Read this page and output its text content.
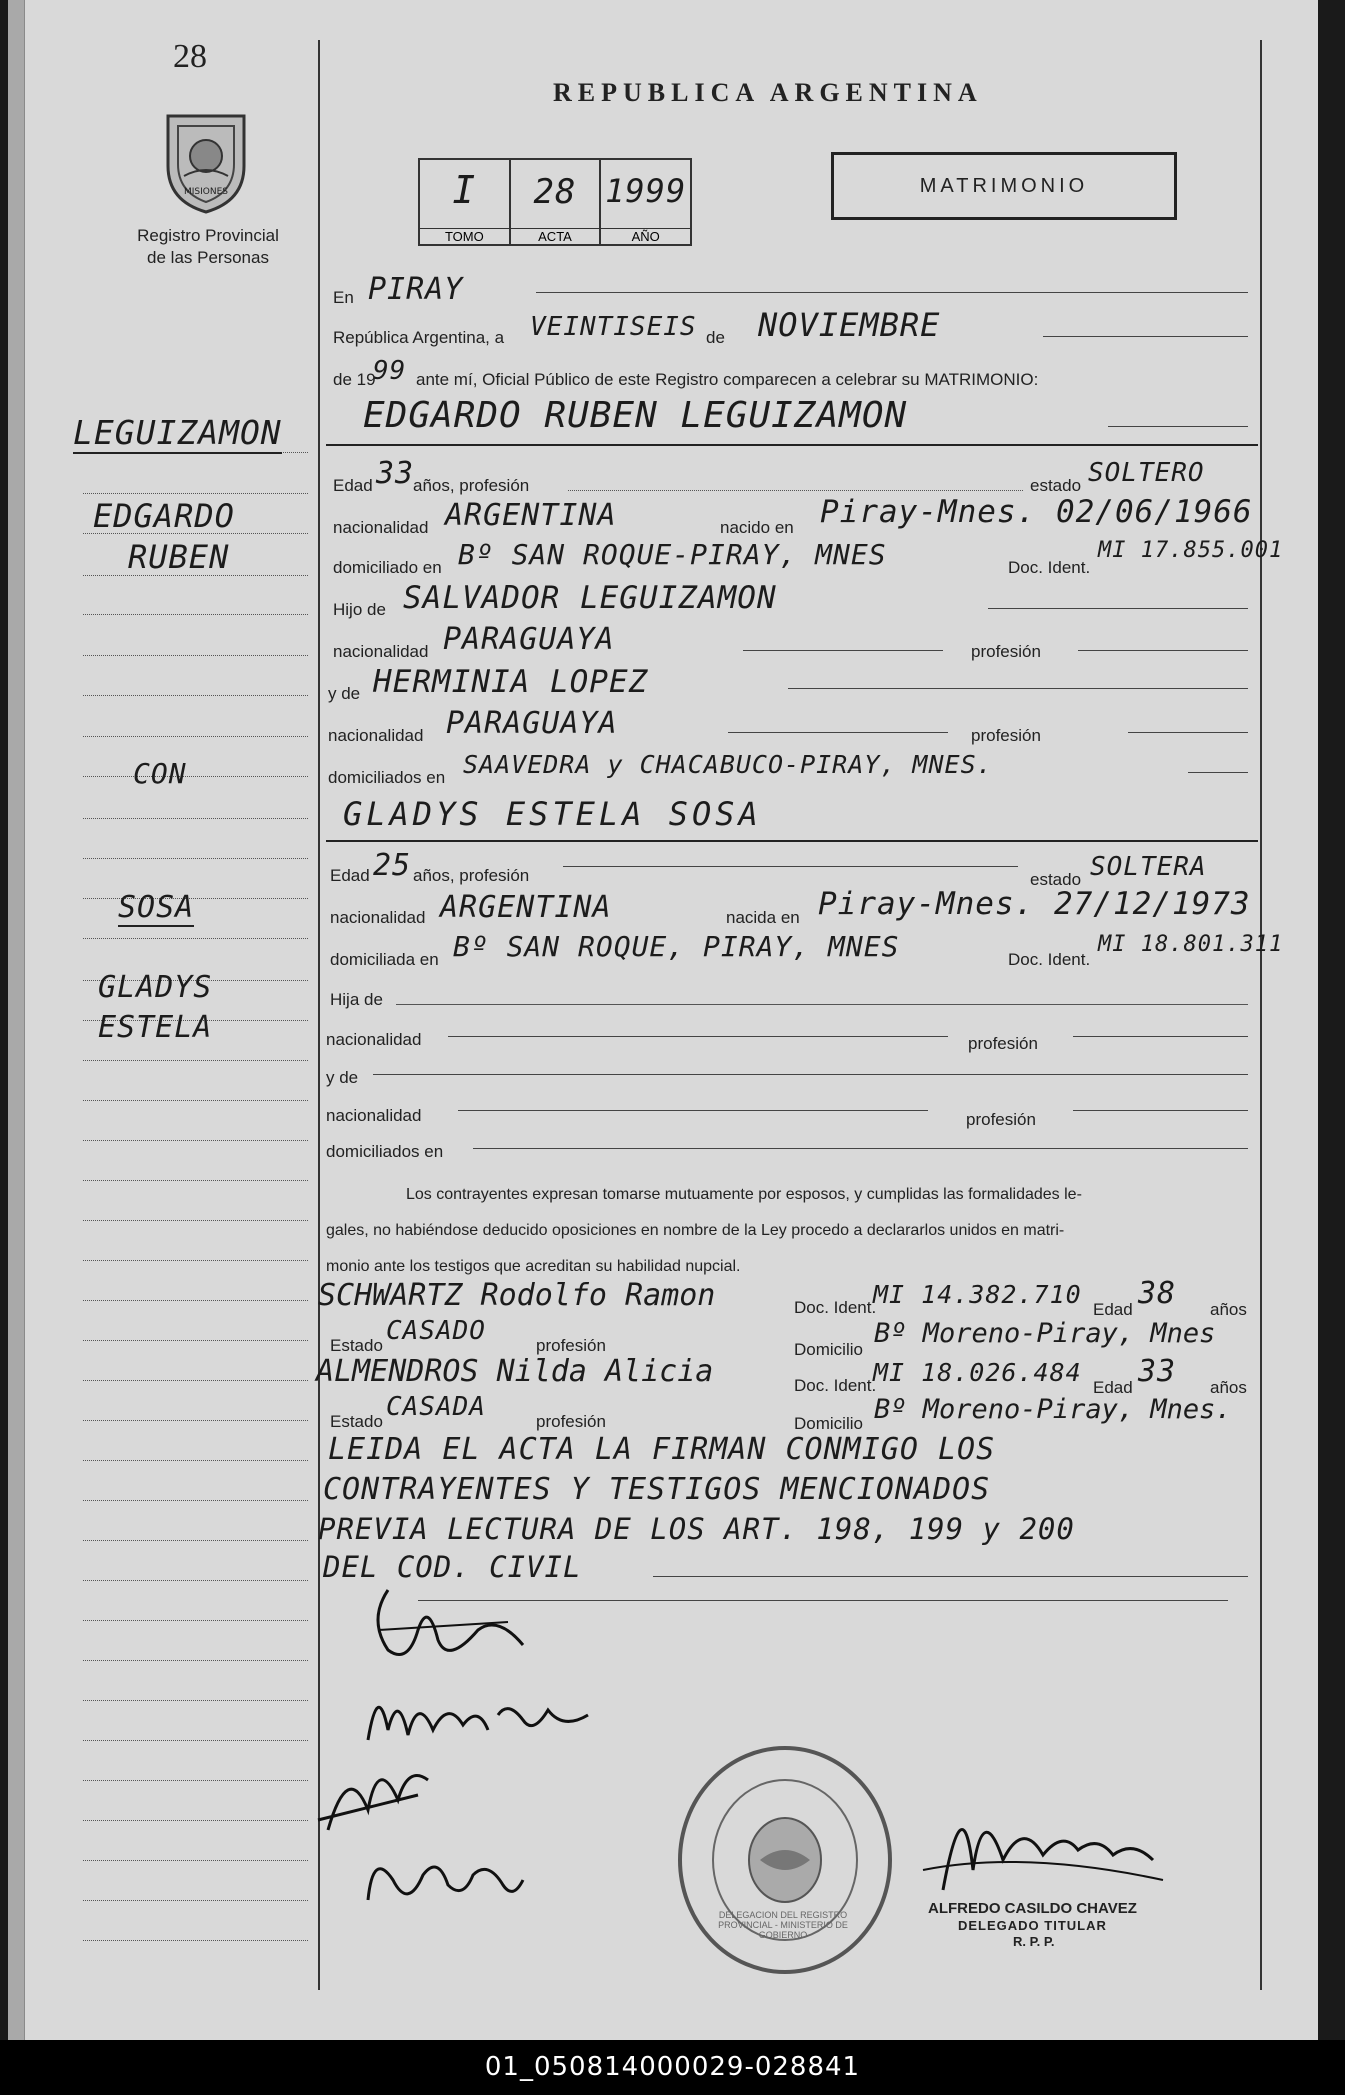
28
MISIONES
Registro Provincial
de las Personas
REPUBLICA ARGENTINA
I
TOMO
28
ACTA
1999
AÑO
MATRIMONIO
LEGUIZAMON
EDGARDO
RUBEN
CON
SOSA
GLADYS
ESTELA
En PIRAY
República Argentina, a VEINTISEIS de NOVIEMBRE
de 19
99 ante mí, Oficial Público de este Registro comparecen a celebrar su MATRIMONIO:
EDGARDO RUBEN LEGUIZAMON
Edad 33
años, profesión	estado SOLTERO
nacionalidad ARGENTINA	nacido en Piray-Mnes. 02/06/1966
domiciliado en Bº SAN ROQUE-PIRAY, MNES	Doc. Ident.
MI 17.855.001
Hijo de SALVADOR LEGUIZAMON
nacionalidad PARAGUAYA	profesión
y de HERMINIA LOPEZ
nacionalidad PARAGUAYA	profesión
domiciliados en SAAVEDRA y CHACABUCO-PIRAY, MNES.
GLADYS ESTELA SOSA
Edad 25 años, profesión	estado SOLTERA
nacionalidad ARGENTINA	nacida en Piray-Mnes. 27/12/1973
domiciliada en Bº SAN ROQUE, PIRAY, MNES	Doc. Ident.
MI 18.801.311
Hija de
nacionalidad	profesión
y de
nacionalidad	profesión
domiciliados en
Los contrayentes expresan tomarse mutuamente por esposos, y cumplidas las formalidades le-
gales, no habiéndose deducido oposiciones en nombre de la Ley procedo a declararlos unidos en matri-
monio ante los testigos que acreditan su habilidad nupcial.
SCHWARTZ Rodolfo Ramon	Doc. Ident.
MI 14.382.710
Edad 38 años
Estado CASADO	profesión	Domicilio
Bº Moreno-Piray, Mnes
ALMENDROS Nilda Alicia	Doc. Ident.
MI 18.026.484
Edad 33 años
Estado CASADA	profesión	Domicilio Bº Moreno-Piray, Mnes.
LEIDA EL ACTA LA FIRMAN CONMIGO LOS
CONTRAYENTES Y TESTIGOS MENCIONADOS
PREVIA LECTURA DE LOS ART. 198, 199 y 200
DEL COD. CIVIL
DELEGACION DEL REGISTRO PROVINCIAL - MINISTERIO DE GOBIERNO
ALFREDO CASILDO CHAVEZ
DELEGADO TITULAR
R. P. P.
01_050814000029-028841
